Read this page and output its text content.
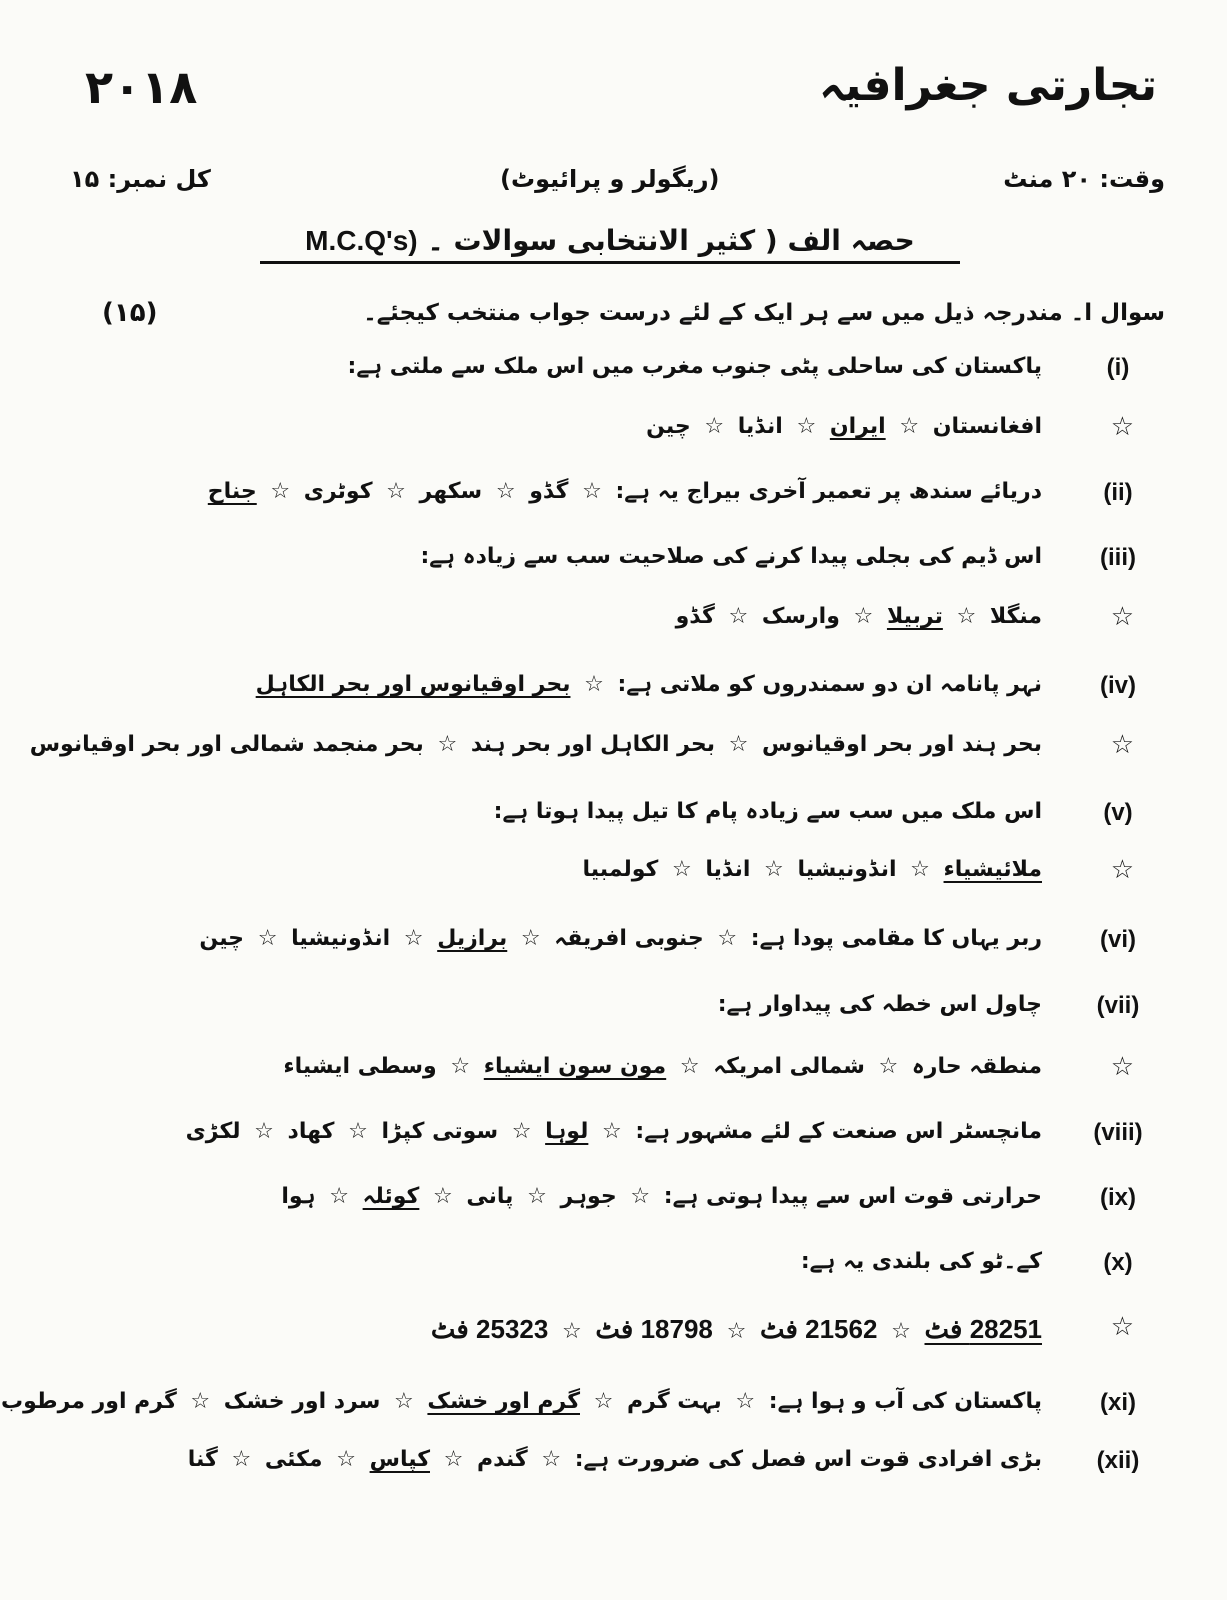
تجارتی جغرافیہ
۲۰۱۸
وقت: ۲۰ منٹ
(ریگولر و پرائیوٹ)
کل نمبر: ۱۵
حصہ الف ( کثیر الانتخابی سوالات ۔ M.C.Q's)
سوال ا۔ مندرجہ ذیل میں سے ہر ایک کے لئے درست جواب منتخب کیجئے۔
(۱۵)
(i)
پاکستان کی ساحلی پٹی جنوب مغرب میں اس ملک سے ملتی ہے:
☆
افغانستان ☆ ایران ☆ انڈیا ☆ چین
(ii)
دریائے سندھ پر تعمیر آخری بیراج یہ ہے: ☆ گڈو ☆ سکھر ☆ کوٹری ☆ جناح
(iii)
اس ڈیم کی بجلی پیدا کرنے کی صلاحیت سب سے زیادہ ہے:
☆
منگلا ☆ تربیلا ☆ وارسک ☆ گڈو
(iv)
نہر پانامہ ان دو سمندروں کو ملاتی ہے: ☆ بحر اوقیانوس اور بحر الکاہل
☆
بحر ہند اور بحر اوقیانوس ☆ بحر الکاہل اور بحر ہند ☆ بحر منجمد شمالی اور بحر اوقیانوس
(v)
اس ملک میں سب سے زیادہ پام کا تیل پیدا ہوتا ہے:
☆
ملائیشیاء ☆ انڈونیشیا ☆ انڈیا ☆ کولمبیا
(vi)
ربر یہاں کا مقامی پودا ہے: ☆ جنوبی افریقہ ☆ برازیل ☆ انڈونیشیا ☆ چین
(vii)
چاول اس خطہ کی پیداوار ہے:
☆
منطقہ حارہ ☆ شمالی امریکہ ☆ مون سون ایشیاء ☆ وسطی ایشیاء
(viii)
مانچسٹر اس صنعت کے لئے مشہور ہے: ☆ لوہا ☆ سوتی کپڑا ☆ کھاد ☆ لکڑی
(ix)
حرارتی قوت اس سے پیدا ہوتی ہے: ☆ جوہر ☆ پانی ☆ کوئلہ ☆ ہوا
(x)
کے۔ٹو کی بلندی یہ ہے:
☆
28251 فٹ ☆ 21562 فٹ ☆ 18798 فٹ ☆ 25323 فٹ
(xi)
پاکستان کی آب و ہوا ہے: ☆ بہت گرم ☆ گرم اور خشک ☆ سرد اور خشک ☆ گرم اور مرطوب
(xii)
بڑی افرادی قوت اس فصل کی ضرورت ہے: ☆ گندم ☆ کپاس ☆ مکئی ☆ گنا
